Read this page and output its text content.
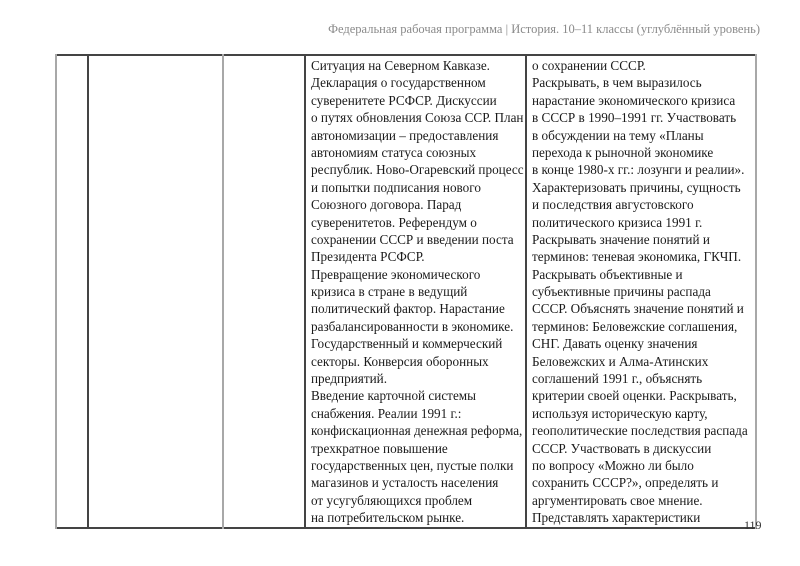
Федеральная рабочая программа | История. 10–11 классы (углублённый уровень)

Ситуация на Северном Кавказе.
Декларация о государственном
суверенитете РСФСР. Дискуссии
о путях обновления Союза ССР. План
автономизации – предоставления
автономиям статуса союзных
республик. Ново-Огаревский процесс
и попытки подписания нового
Союзного договора. Парад
суверенитетов. Референдум о
сохранении СССР и введении поста
Президента РСФСР.
Превращение экономического
кризиса в стране в ведущий
политический фактор. Нарастание
разбалансированности в экономике.
Государственный и коммерческий
секторы. Конверсия оборонных
предприятий.
Введение карточной системы
снабжения. Реалии 1991 г.:
конфискационная денежная реформа,
трехкратное повышение
государственных цен, пустые полки
магазинов и усталость населения
от усугубляющихся проблем
на потребительском рынке.

о сохранении СССР.
Раскрывать, в чем выразилось
нарастание экономического кризиса
в СССР в 1990–1991 гг. Участвовать
в обсуждении на тему «Планы
перехода к рыночной экономике
в конце 1980-х гг.: лозунги и реалии».
Характеризовать причины, сущность
и последствия августовского
политического кризиса 1991 г.
Раскрывать значение понятий и
терминов: теневая экономика, ГКЧП.
Раскрывать объективные и
субъективные причины распада
СССР. Объяснять значение понятий и
терминов: Беловежские соглашения,
СНГ. Давать оценку значения
Беловежских и Алма-Атинских
соглашений 1991 г., объяснять
критерии своей оценки. Раскрывать,
используя историческую карту,
геополитические последствия распада
СССР. Участвовать в дискуссии
по вопросу «Можно ли было
сохранить СССР?», определять и
аргументировать свое мнение.
Представлять характеристики	119
